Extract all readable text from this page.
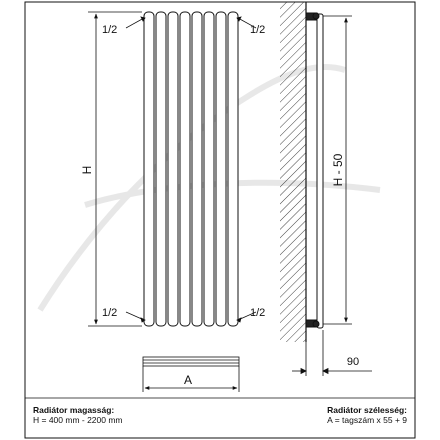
1/2	1/2
1/2	1/2
H
A
H - 50
90
Radiátor magasság:
H = 400 mm - 2200 mm
Radiátor szélesség:
A = tagszám x 55 + 9
